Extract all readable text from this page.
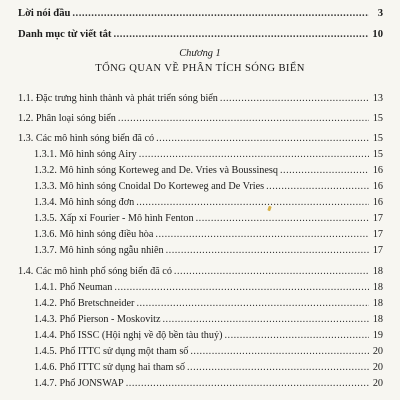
Lời nói đầu .....	3
Danh mục từ viết tắt .....	10
Chương 1
TỔNG QUAN VỀ PHÂN TÍCH SÓNG BIỂN
1.1. Đặc trưng hình thành và phát triển sóng biển .....	13
1.2. Phân loại sóng biển .....	15
1.3. Các mô hình sóng biển đã có .....	15
1.3.1. Mô hình sóng Airy .....	15
1.3.2. Mô hình sóng Korteweg and De. Vries và Boussinesq .....	16
1.3.3. Mô hình sóng Cnoidal Do Korteweg and De Vries .....	16
1.3.4. Mô hình sóng đơn .....	16
1.3.5. Xấp xỉ Fourier - Mô hình Fenton .....	17
1.3.6. Mô hình sóng điều hòa .....	17
1.3.7. Mô hình sóng ngẫu nhiên .....	17
1.4. Các mô hình phổ sóng biển đã có .....	18
1.4.1. Phổ Neuman .....	18
1.4.2. Phổ Bretschneider .....	18
1.4.3. Phổ Pierson - Moskovitz .....	18
1.4.4. Phổ ISSC (Hội nghị về độ bền tàu thuỷ) .....	19
1.4.5. Phổ ITTC sử dụng một tham số .....	20
1.4.6. Phổ ITTC sử dụng hai tham số .....	20
1.4.7. Phổ JONSWAP .....	20
